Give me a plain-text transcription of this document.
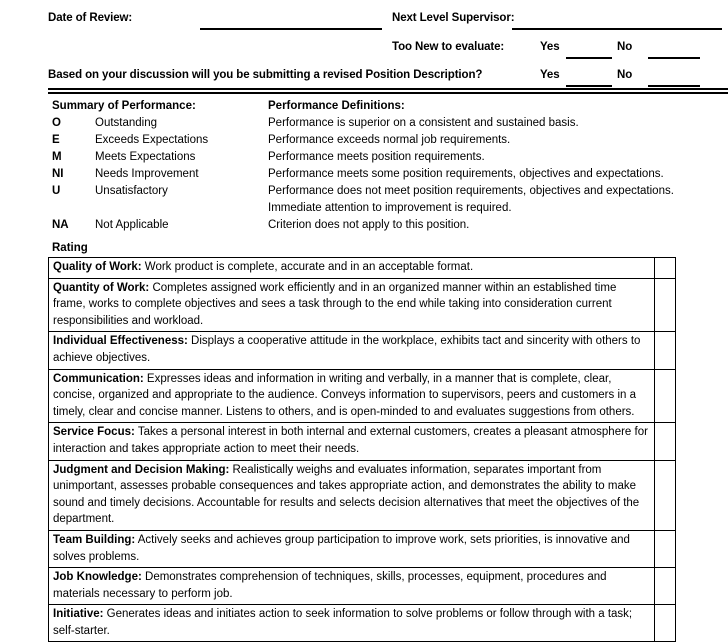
Date of Review:	Next Level Supervisor:
Too New to evaluate:	Yes	No
Based on your discussion will you be submitting a revised Position Description?	Yes	No
Summary of Performance:	Performance Definitions:
O	Outstanding	Performance is superior on a consistent and sustained basis.
E	Exceeds Expectations	Performance exceeds normal job requirements.
M	Meets Expectations	Performance meets position requirements.
NI	Needs Improvement	Performance meets some position requirements, objectives and expectations.
U	Unsatisfactory	Performance does not meet position requirements, objectives and expectations.
Immediate attention to improvement is required.
NA Not Applicable	Criterion does not apply to this position.
Rating
Quality of Work: Work product is complete, accurate and in an acceptable format.	
Quantity of Work: Completes assigned work efficiently and in an organized manner within an established time frame, works to complete objectives and sees a task through to the end while taking into consideration current responsibilities and workload.	
Individual Effectiveness: Displays a cooperative attitude in the workplace, exhibits tact and sincerity with others to achieve objectives.	
Communication: Expresses ideas and information in writing and verbally, in a manner that is complete, clear, concise, organized and appropriate to the audience. Conveys information to supervisors, peers and customers in a timely, clear and concise manner. Listens to others, and is open-minded to and evaluates suggestions from others.	
Service Focus: Takes a personal interest in both internal and external customers, creates a pleasant atmosphere for interaction and takes appropriate action to meet their needs.	
Judgment and Decision Making: Realistically weighs and evaluates information, separates important from unimportant, assesses probable consequences and takes appropriate action, and demonstrates the ability to make sound and timely decisions. Accountable for results and selects decision alternatives that meet the objectives of the department.	
Team Building: Actively seeks and achieves group participation to improve work, sets priorities, is innovative and solves problems.	
Job Knowledge: Demonstrates comprehension of techniques, skills, processes, equipment, procedures and materials necessary to perform job.	
Initiative: Generates ideas and initiates action to seek information to solve problems or follow through with a task; self-starter.	
